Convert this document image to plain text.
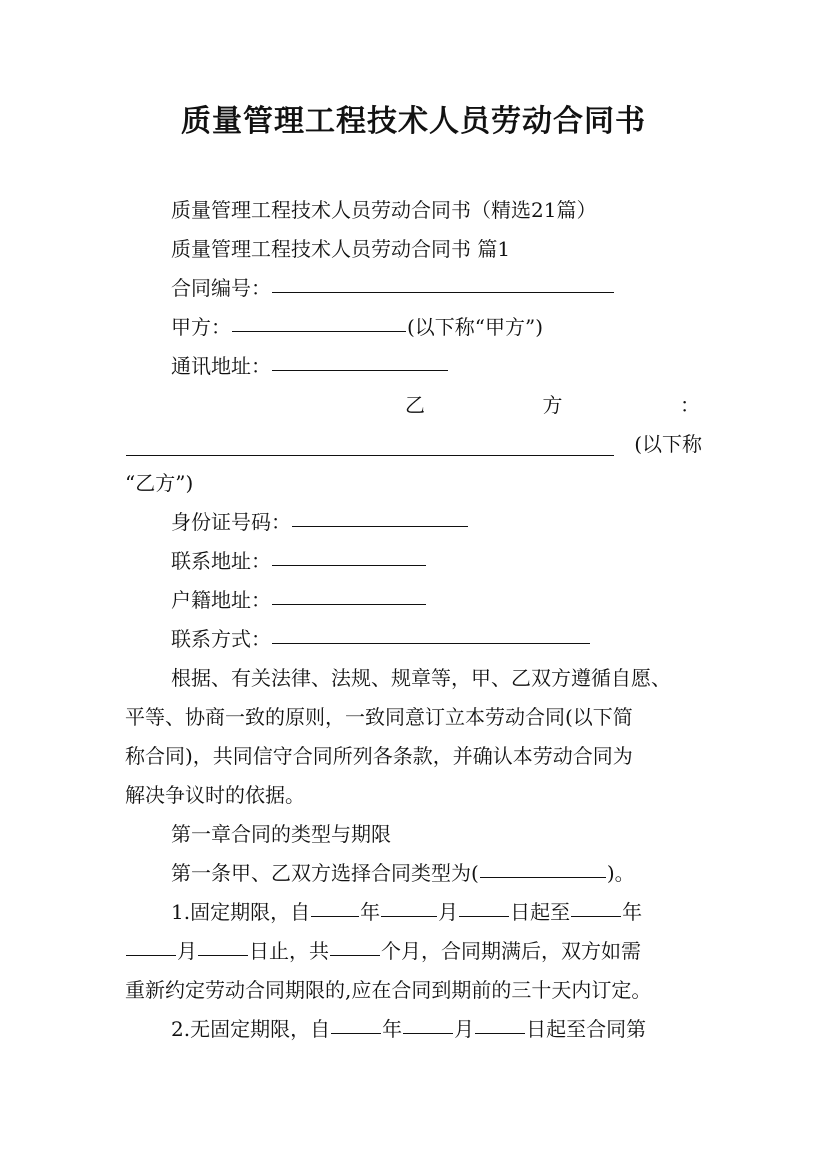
质量管理工程技术人员劳动合同书
质量管理工程技术人员劳动合同书（精选21篇）
质量管理工程技术人员劳动合同书 篇1
合同编号：
甲方：	(以下称“甲方”)
通讯地址：
乙	方	：
(以下称
“乙方”)
身份证号码：
联系地址：
户籍地址：
联系方式：
根据、有关法律、法规、规章等，甲、乙双方遵循自愿、
平等、协商一致的原则，一致同意订立本劳动合同(以下简
称合同)，共同信守合同所列各条款，并确认本劳动合同为
解决争议时的依据。
第一章合同的类型与期限
第一条甲、乙双方选择合同类型为(	)。
1.固定期限，自	年	月	日起至	年
月	日止，共	个月，合同期满后，双方如需
重新约定劳动合同期限的,应在合同到期前的三十天内订定。
2.无固定期限，自	年	月	日起至合同第
